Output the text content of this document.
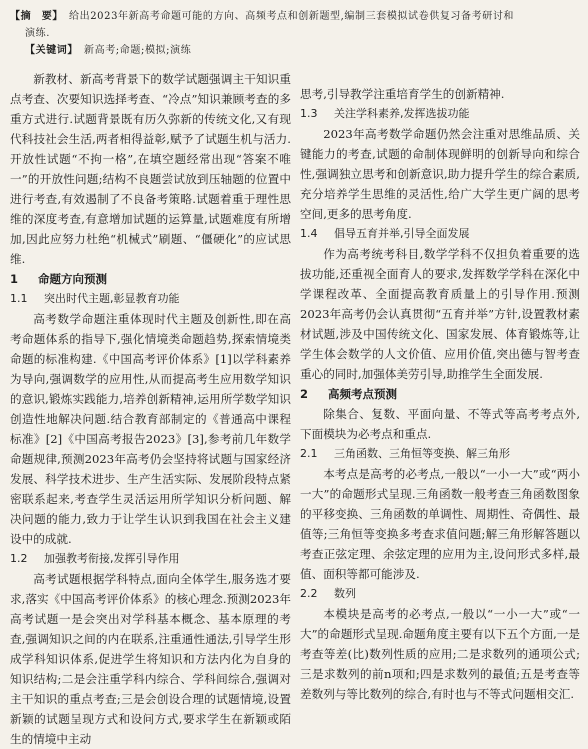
【摘　要】 给出2023年新高考命题可能的方向、高频考点和创新题型,编制三套模拟试卷供复习备考研讨和

演练.

【关键词】 新高考;命题;模拟;演练

新教材、新高考背景下的数学试题强调主干知识重点考查、次要知识选择考查、“冷点”知识兼顾考查的多重方式进行.试题背景既有历久弥新的传统文化,又有现代科技社会生活,两者相得益彰,赋予了试题生机与活力.开放性试题“不拘一格”,在填空题经常出现“答案不唯一”的开放性问题;结构不良题尝试放到压轴题的位置中进行考查,有效遏制了不良备考策略.试题着重于理性思维的深度考查,有意增加试题的运算量,试题难度有所增加,因此应努力杜绝“机械式”刷题、“僵硬化”的应试思维.

1 命题方向预测
1.1 突出时代主题,彰显教育功能

高考数学命题注重体现时代主题及创新性,即在高考命题体系的指导下,强化情境类命题趋势,探索情境类命题的标准构建.《中国高考评价体系》[1]以学科素养为导向,强调数学的应用性,从而提高考生应用数学知识的意识,锻炼实践能力,培养创新精神,运用所学数学知识创造性地解决问题.结合教育部制定的《普通高中课程标准》[2]《中国高考报告2023》[3],参考前几年数学命题规律,预测2023年高考仍会坚持将试题与国家经济发展、科学技术进步、生产生活实际、发展阶段特点紧密联系起来,考查学生灵活运用所学知识分析问题、解决问题的能力,致力于让学生认识到我国在社会主义建设中的成就.

1.2 加强教考衔接,发挥引导作用

高考试题根据学科特点,面向全体学生,服务选才要求,落实《中国高考评价体系》的核心理念.预测2023年高考试题一是会突出对学科基本概念、基本原理的考查,强调知识之间的内在联系,注重通性通法,引导学生形成学科知识体系,促进学生将知识和方法内化为自身的知识结构;二是会注重学科内综合、学科间综合,强调对主干知识的重点考查;三是会创设合理的试题情境,设置新颖的试题呈现方式和设问方式,要求学生在新颖或陌生的情境中主动

思考,引导教学注重培育学生的创新精神.

1.3 关注学科素养,发挥选拔功能

2023年高考数学命题仍然会注重对思维品质、关键能力的考查,试题的命制体现鲜明的创新导向和综合性,强调独立思考和创新意识,助力提升学生的综合素质,充分培养学生思维的灵活性,给广大学生更广阔的思考空间,更多的思考角度.

1.4 倡导五育并举,引导全面发展

作为高考统考科目,数学学科不仅担负着重要的选拔功能,还重视全面育人的要求,发挥数学学科在深化中学课程改革、全面提高教育质量上的引导作用.预测2023年高考仍会认真贯彻“五育并举”方针,设置教材素材试题,涉及中国传统文化、国家发展、体育锻炼等,让学生体会数学的人文价值、应用价值,突出德与智考查重心的同时,加强体美劳引导,助推学生全面发展.

2 高频考点预测

除集合、复数、平面向量、不等式等高考考点外,下面模块为必考点和重点.

2.1 三角函数、三角恒等变换、解三角形

本考点是高考的必考点,一般以“一小一大”或“两小一大”的命题形式呈现.三角函数一般考查三角函数图象的平移变换、三角函数的单调性、周期性、奇偶性、最值等;三角恒等变换多考查求值问题;解三角形解答题以考查正弦定理、余弦定理的应用为主,设问形式多样,最值、面积等都可能涉及.

2.2 数列

本模块是高考的必考点,一般以“一小一大”或“一大”的命题形式呈现.命题角度主要有以下五个方面,一是考查等差(比)数列性质的应用;二是求数列的通项公式;三是求数列的前n项和;四是求数列的最值;五是考查等差数列与等比数列的综合,有时也与不等式问题相交汇.
